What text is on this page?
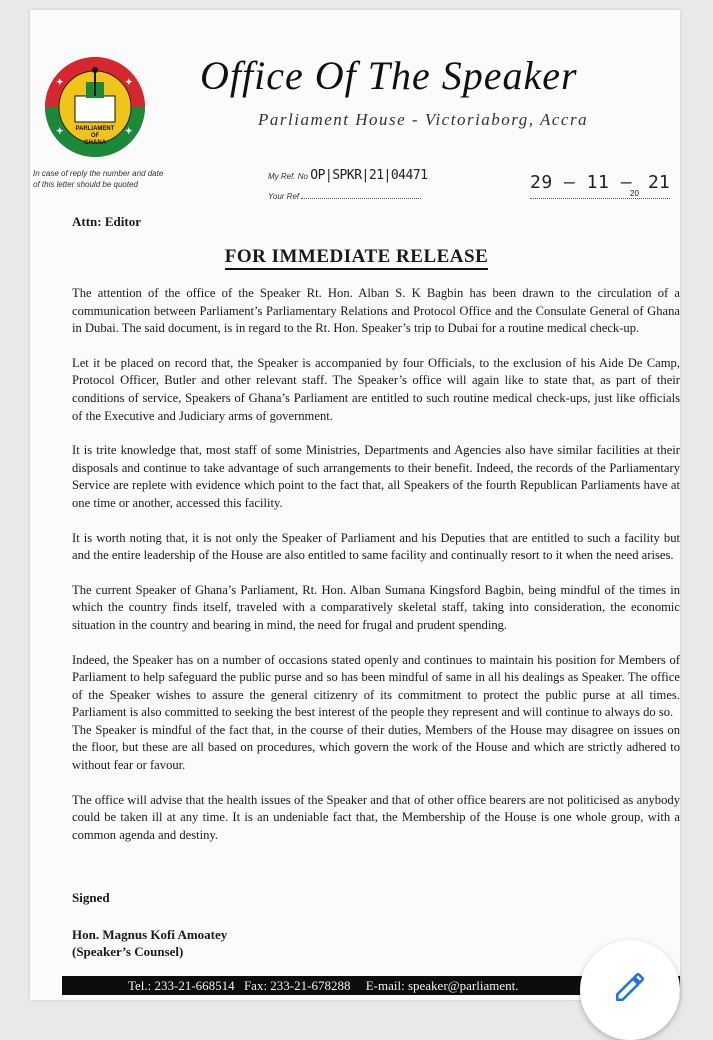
PARLIAMENT
OF
GHANA
✦	✦
✦	✦
Office Of The Speaker
Parliament House - Victoriaborg, Accra
In case of reply the number and date of this letter should be quoted
My Ref. No OP|SPKR|21|04471
Your Ref
29 – 11 –
20
21
Attn: Editor
FOR IMMEDIATE RELEASE

The attention of the office of the Speaker Rt. Hon. Alban S. K Bagbin has been drawn to the circulation of a communication between Parliament’s Parliamentary Relations and Protocol Office and the Consulate General of Ghana in Dubai. The said document, is in regard to the Rt. Hon. Speaker’s trip to Dubai for a routine medical check-up.

Let it be placed on record that, the Speaker is accompanied by four Officials, to the exclusion of his Aide De Camp, Protocol Officer, Butler and other relevant staff. The Speaker’s office will again like to state that, as part of their conditions of service, Speakers of Ghana’s Parliament are entitled to such routine medical check-ups, just like officials of the Executive and Judiciary arms of government.

It is trite knowledge that, most staff of some Ministries, Departments and Agencies also have similar facilities at their disposals and continue to take advantage of such arrangements to their benefit. Indeed, the records of the Parliamentary Service are replete with evidence which point to the fact that, all Speakers of the fourth Republican Parliaments have at one time or another, accessed this facility.

It is worth noting that, it is not only the Speaker of Parliament and his Deputies that are entitled to such a facility but and the entire leadership of the House are also entitled to same facility and continually resort to it when the need arises.

The current Speaker of Ghana’s Parliament, Rt. Hon. Alban Sumana Kingsford Bagbin, being mindful of the times in which the country finds itself, traveled with a comparatively skeletal staff, taking into consideration, the economic situation in the country and bearing in mind, the need for frugal and prudent spending.

Indeed, the Speaker has on a number of occasions stated openly and continues to maintain his position for Members of Parliament to help safeguard the public purse and so has been mindful of same in all his dealings as Speaker. The office of the Speaker wishes to assure the general citizenry of its commitment to protect the public purse at all times. Parliament is also committed to seeking the best interest of the people they represent and will continue to always do so.

The Speaker is mindful of the fact that, in the course of their duties, Members of the House may disagree on issues on the floor, but these are all based on procedures, which govern the work of the House and which are strictly adhered to without fear or favour.

The office will advise that the health issues of the Speaker and that of other office bearers are not politicised as anybody could be taken ill at any time. It is an undeniable fact that, the Membership of the House is one whole group, with a common agenda and destiny.

Signed
Hon. Magnus Kofi Amoatey
(Speaker’s Counsel)
Tel.: 233-21-668514 Fax: 233-21-678288 E-mail: speaker@parliament.
